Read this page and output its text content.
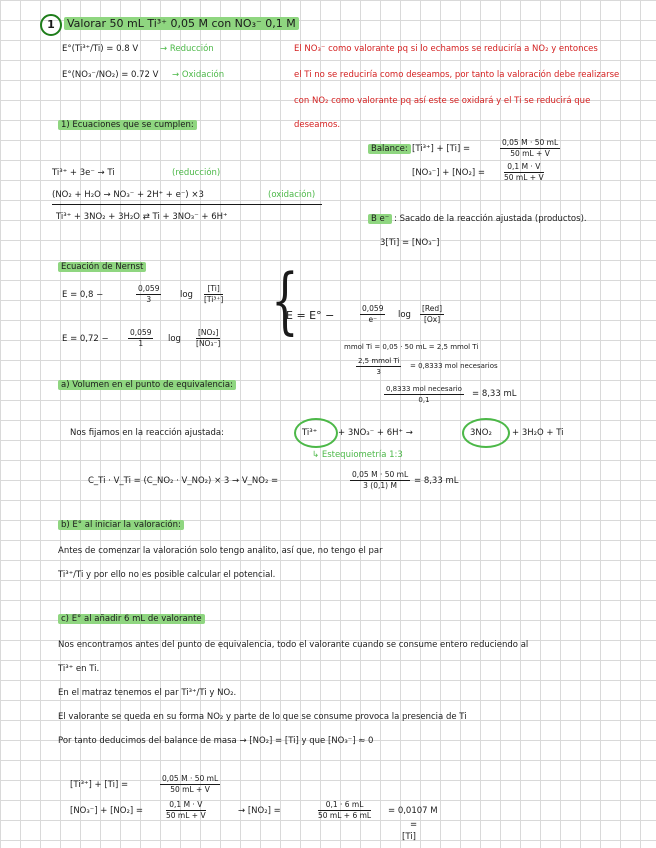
1	Valorar 50 mL Ti³⁺ 0,05 M con NO₃⁻ 0,1 M
E°(Ti³⁺/Ti) = 0.8 V	→ Reducción
E°(NO₃⁻/NO₂) = 0.72 V → Oxidación
El NO₃⁻ como valorante pq si lo echamos se reduciría a NO₂ y entonces
el Ti no se reduciría como deseamos, por tanto la valoración debe realizarse
con NO₂ como valorante pq así este se oxidará y el Ti se reducirá que
deseamos.
1) Ecuaciones que se cumplen:
Balance: [Ti³⁺] + [Ti] =	$\frac{0,05 M \cdot 50 mL}{50 mL + V}$
[NO₃⁻] + [NO₂] =	$\frac{0,1 M \cdot V}{50 mL + V}$
Ti³⁺ + 3e⁻ → Ti	(reducción)
(NO₂ + H₂O → NO₃⁻ + 2H⁺ + e⁻) ×3	(oxidación)
Ti³⁺ + 3NO₂ + 3H₂O ⇄ Ti + 3NO₃⁻ + 6H⁺	B e⁻ : Sacado de la reacción ajustada (productos).
3[Ti] = [NO₃⁻]
Ecuación de Nernst
E = 0,8 −	$\frac{0,059}{3}$ $\log \frac{[Ti]}{\text{[Ti³⁺]}}$
E = 0,72 −	$\frac{0,059}{1}$ $\log \frac{\text{[NO₂]}}{\text{[NO₃⁻]}}$ {
E = E° −	$\frac{0,059}{e^-}$ log
[Red]
[Ox]
mmol Ti = 0,05 · 50 mL = 2,5 mmol Ti
2,5 mmol Ti
3
= 0,8333 mol necesarios
0,8333 mol necesario
0,1
= 8,33 mL
a) Volumen en el punto de equivalencia:
Nos fijamos en la reacción ajustada:	Ti³⁺ + 3NO₃⁻ + 6H⁺ →	3NO₂ + 3H₂O + Ti
↳ Estequiometría 1:3
C_Ti · V_Ti = (C_NO₂ · V_NO₂) × 3 → V_NO₂ =	$\frac{0,05 M \cdot 50 mL}{3 (0,1) M} = 8,33$ mL
b) E° al iniciar la valoración:
Antes de comenzar la valoración solo tengo analito, así que, no tengo el par
Ti³⁺/Ti y por ello no es posible calcular el potencial.
c) E° al añadir 6 mL de valorante
Nos encontramos antes del punto de equivalencia, todo el valorante cuando se consume entero reduciendo al
Ti³⁺ en Ti.
En el matraz tenemos el par Ti³⁺/Ti y NO₂.
El valorante se queda en su forma NO₂ y parte de lo que se consume provoca la presencia de Ti
Por tanto deducimos del balance de masa → [NO₂] = [Ti] y que [NO₃⁻] ≈ 0
[Ti³⁺] + [Ti] =	$\frac{0,05 M \cdot 50 mL}{50 mL + V}$
[NO₃⁻] + [NO₂] =	$\frac{0,1 M \cdot V}{50 mL + V}$	→ [NO₂] =	$\frac{0,1 \cdot 6 mL}{50 mL + 6 mL} = 0,0107$ M
=
[Ti]
